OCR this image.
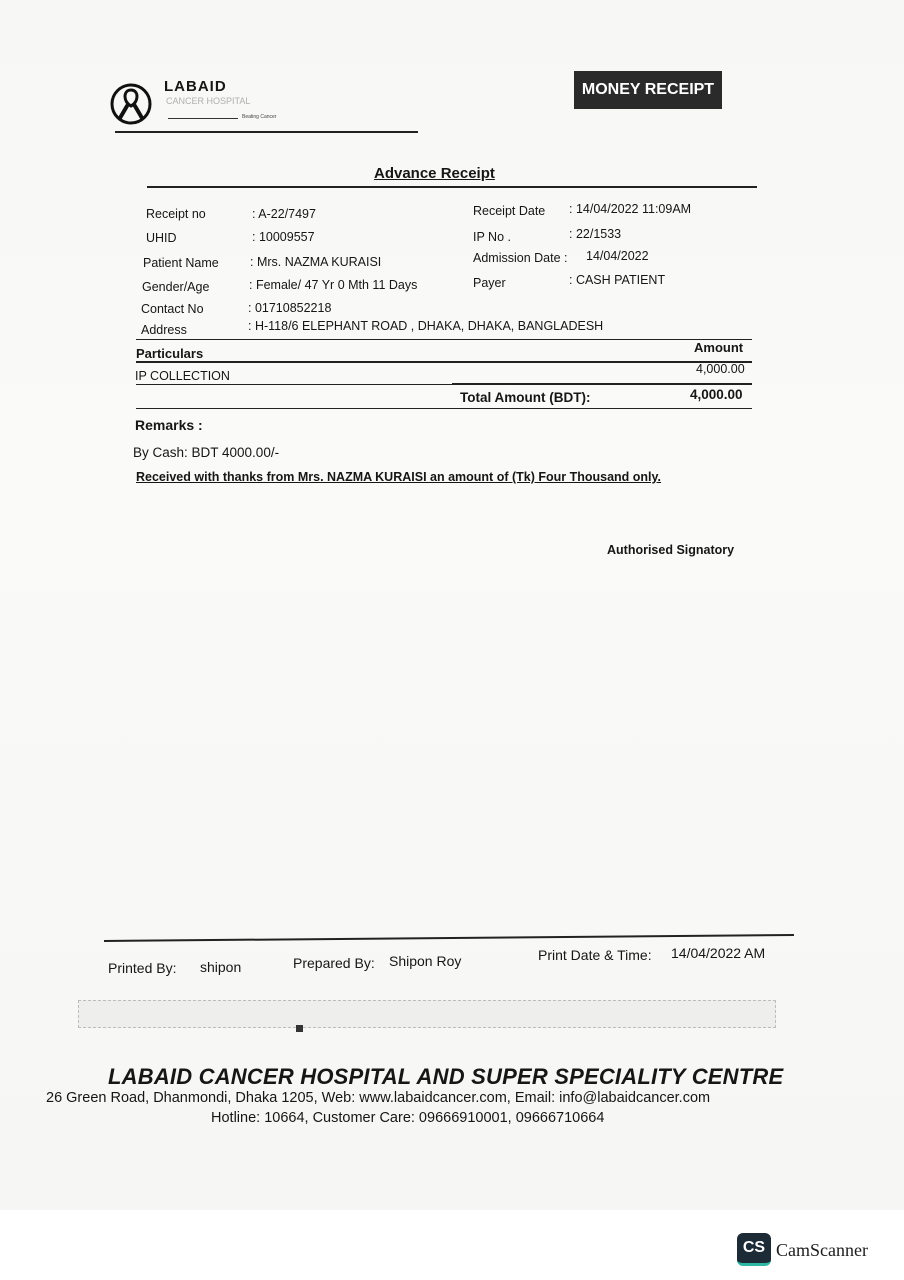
LABAID
CANCER HOSPITAL
Beating Cancer
MONEY RECEIPT
Advance Receipt
Receipt no	: A-22/7497
UHID	: 10009557
Patient Name	: Mrs. NAZMA KURAISI
Gender/Age	: Female/ 47 Yr 0 Mth 11 Days
Contact No	: 01710852218
Address	: H-118/6 ELEPHANT ROAD , DHAKA, DHAKA, BANGLADESH
Receipt Date : 14/04/2022 11:09AM
IP No .	: 22/1533
Admission Date : 14/04/2022
Payer	: CASH PATIENT
Particulars	Amount
IP COLLECTION	4,000.00
Total Amount (BDT):	4,000.00
Remarks :
By Cash: BDT 4000.00/-
Received with thanks from Mrs. NAZMA KURAISI an amount of (Tk) Four Thousand only.
Authorised Signatory
Printed By: shipon	Prepared By: Shipon Roy	Print Date & Time: 14/04/2022 AM
LABAID CANCER HOSPITAL AND SUPER SPECIALITY CENTRE
26 Green Road, Dhanmondi, Dhaka 1205, Web: www.labaidcancer.com, Email: info@labaidcancer.com
Hotline: 10664, Customer Care: 09666910001, 09666710664
CS CamScanner
